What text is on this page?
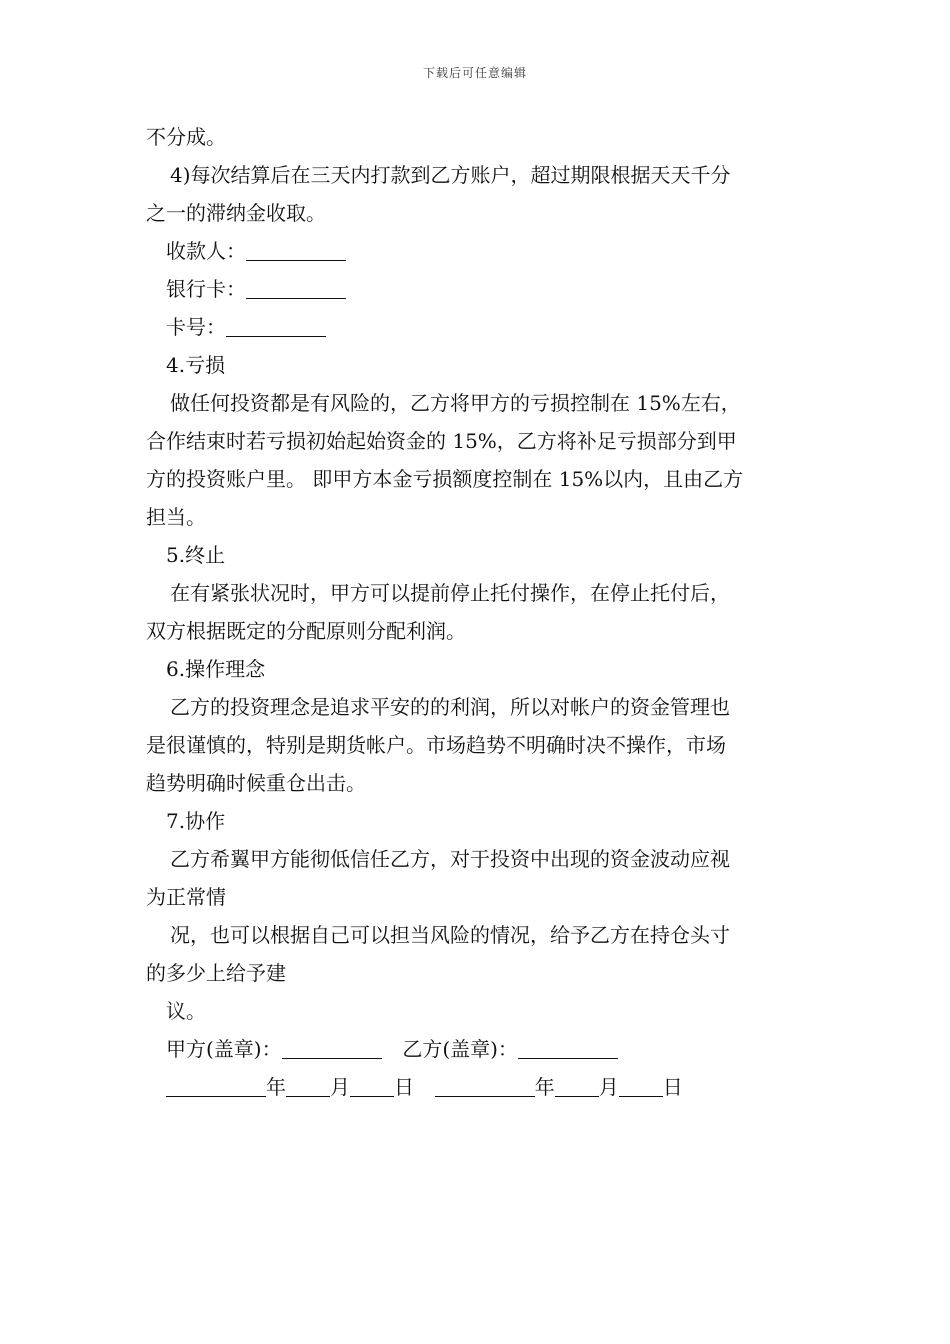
下载后可任意编辑
不分成。
4)每次结算后在三天内打款到乙方账户，超过期限根据天天千分
之一的滞纳金收取。
收款人：
银行卡：
卡号：
4.亏损
做任何投资都是有风险的，乙方将甲方的亏损控制在 15%左右，
合作结束时若亏损初始起始资金的 15%，乙方将补足亏损部分到甲
方的投资账户里。 即甲方本金亏损额度控制在 15%以内，且由乙方
担当。
5.终止
在有紧张状况时，甲方可以提前停止托付操作，在停止托付后，
双方根据既定的分配原则分配利润。
6.操作理念
乙方的投资理念是追求平安的的利润，所以对帐户的资金管理也
是很谨慎的，特别是期货帐户。市场趋势不明确时决不操作，市场
趋势明确时候重仓出击。
7.协作
乙方希翼甲方能彻低信任乙方，对于投资中出现的资金波动应视
为正常情
况，也可以根据自己可以担当风险的情况，给予乙方在持仓头寸
的多少上给予建
议。
甲方(盖章)：	乙方(盖章)：
年 月 日	年 月 日
